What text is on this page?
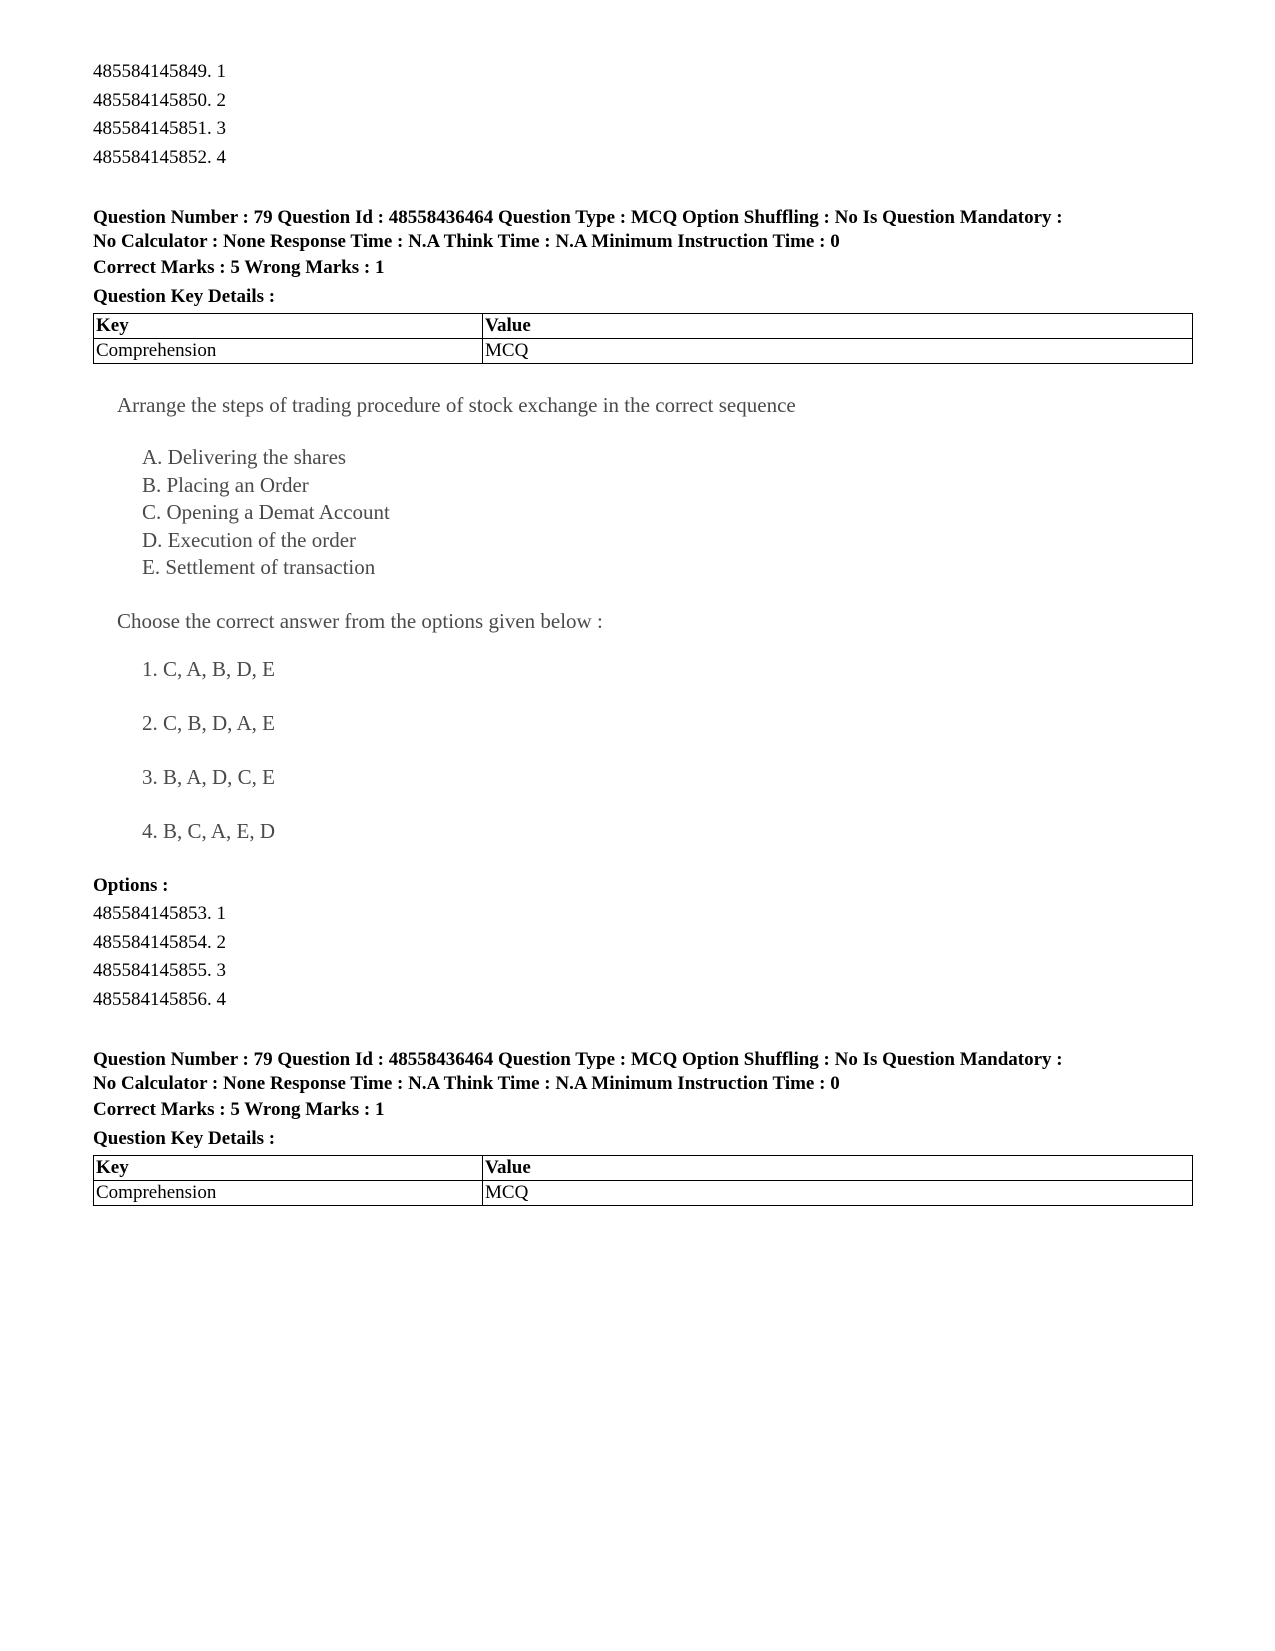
485584145849. 1
485584145850. 2
485584145851. 3
485584145852. 4
Question Number : 79 Question Id : 48558436464 Question Type : MCQ Option Shuffling : No Is Question Mandatory :
No Calculator : None Response Time : N.A Think Time : N.A Minimum Instruction Time : 0
Correct Marks : 5 Wrong Marks : 1
Question Key Details :
Key	Value
Comprehension	MCQ
Arrange the steps of trading procedure of stock exchange in the correct sequence
A. Delivering the shares
B. Placing an Order
C. Opening a Demat Account
D. Execution of the order
E. Settlement of transaction
Choose the correct answer from the options given below :
1. C, A, B, D, E
2. C, B, D, A, E
3. B, A, D, C, E
4. B, C, A, E, D
Options :
485584145853. 1
485584145854. 2
485584145855. 3
485584145856. 4
Question Number : 79 Question Id : 48558436464 Question Type : MCQ Option Shuffling : No Is Question Mandatory :
No Calculator : None Response Time : N.A Think Time : N.A Minimum Instruction Time : 0
Correct Marks : 5 Wrong Marks : 1
Question Key Details :
Key	Value
Comprehension	MCQ
